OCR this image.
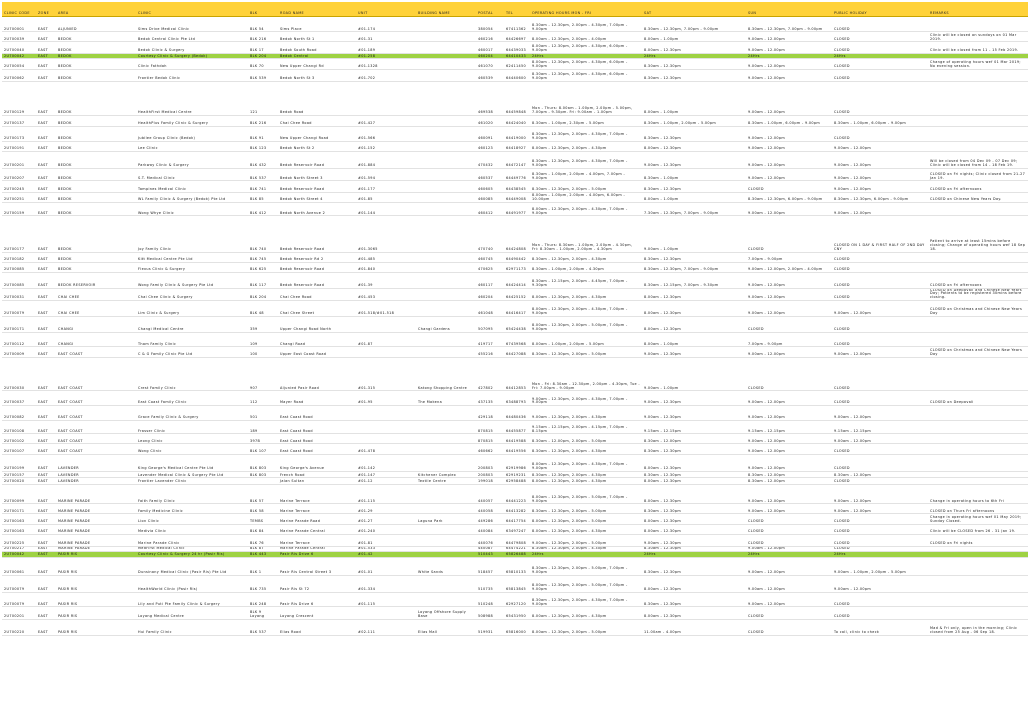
CLINIC CODE	ZONE	AREA	CLINIC	BLK	ROAD NAME	UNIT	BUILDING NAME	POSTAL	TEL	OPERATING HOURS MON - FRI	SAT	SUN	PUBLIC HOLIDAY	REMARKS
2U700001	EAST	ALJUNIED	Sims Drive Medical Clinic	BLK 54	Sims Place	#01-174		380054	67411362	8.30am - 12.30pm, 2.00pm - 4.30pm, 7.00pm - 9.00pm	8.30am - 12.30pm, 7.00pm - 9.00pm	8.30am - 12.30pm, 7.00pm - 9.00pm	CLOSED	
2U700039	EAST	BEDOK	Bedok Central Clinic Pte Ltd	BLK 216	Bedok North St 1	#01-31		460216	64426697	8.00am - 12.30pm, 2.00pm - 4.00pm	8.00am - 1.00pm	9.00am - 12.00pm	CLOSED	Clinic will be closed on sundays on 01 Mar 2019.
2U700040	EAST	BEDOK	Bedok Clinic & Surgery	BLK 17	Bedok South Road	#01-189		460017	64439033	8.00am - 12.30pm, 2.00pm - 4.30pm, 6.00pm - 9.00pm	8.00am - 12.30pm	9.00am - 12.00pm	CLOSED	Clinic will be closed from 11 - 15 Feb 2019.
2U700042	EAST	BEDOK	Courtesy Clinic & Surgery (Bedok)	BLK 204	Bedok Central	#01-258		460204	64410433	24Hrs	24Hrs	24Hrs	24Hrs	
2U700054	EAST	BEDOK	Clinic Fathdah	BLK 70	New Upper Changi Rd	#01-1328		461070	62411450	8.00am - 12.30pm, 2.00pm - 4.30pm, 6.00pm - 9.00pm	8.30am - 12.30pm	9.00am - 12.00pm	CLOSED	Change of operating hours wef 01 Mar 2019; No evening session.
2U700062	EAST	BEDOK	Frontier Bedok Clinic	BLK 539	Bedok North St 3	#01-702		460539	64440600	8.30am - 12.30pm, 2.00pm - 4.30pm, 6.00pm - 9.00pm	8.30am - 12.30pm	9.00am - 12.00pm	CLOSED	
2U700129	EAST	BEDOK	HealthFirst Medical Centre	121	Bedok Road			469538	64459848	Mon - Thurs: 8.00am - 1.00pm, 2.00pm - 5.00pm, 7.00pm - 9.30pm. Fri: 9.00am - 1.00pm	8.00am - 1.00pm	9.00am - 12.00pm	CLOSED	
2U700137	EAST	BEDOK	HealthPlus Family Clinic & Surgery	BLK 216	Chai Chee Road	#01-427		461020	64424040	8.30am - 1.00pm, 2.30pm - 5.00pm	8.30am - 1.00pm, 2.00pm - 5.00pm	8.30am - 1.00pm, 6.00pm - 9.00pm	8.30am - 1.00pm, 6.00pm - 9.00pm	
2U700173	EAST	BEDOK	Jubilee Group Clinic (Bedok)	BLK 91	New Upper Changi Road	#01-566		460091	64419000	8.30am - 12.30pm, 2.00pm - 4.30pm, 7.00pm - 9.00pm	8.30am - 12.30pm	9.00am - 12.00pm	CLOSED	
2U700191	EAST	BEDOK	Lee Clinic	BLK 123	Bedok North St 2	#01-152		460123	64418927	8.00am - 12.30pm, 2.00pm - 4.30pm	8.00am - 12.30pm	9.00am - 12.00pm	9.00am - 12.00pm	
2U700201	EAST	BEDOK	Parkway Clinic & Surgery	BLK 432	Bedok Reservoir Road	#01-884		470432	64472147	8.30am - 12.30pm, 2.00pm - 4.30pm, 7.00pm - 9.00pm	9.00am - 12.30pm	9.00am - 12.00pm	9.00am - 12.00pm	Will be closed from 04 Dec 09 - 07 Dec 09; Clinic will be closed from 14 - 18 Feb 19.
2U700207	EAST	BEDOK	S.T. Medical Clinic	BLK 537	Bedok North Street 3	#01-594		460537	64449776	8.30am - 1.00pm, 2.00pm - 4.00pm, 7.00pm - 9.00pm	8.30am - 1.00pm	9.00am - 12.00pm	9.00am - 12.00pm	CLOSED on Fri nights; Clinic closed from 21-27 Jan 19.
2U700245	EAST	BEDOK	Tampines Medical Clinic	BLK 741	Bedok Reservoir Road	#01-177		460605	64438545	8.30am - 12.30pm, 2.00pm - 5.00pm	8.30am - 12.30pm	CLOSED	9.00am - 12.00pm	CLOSED on Fri afternoons
2U700251	EAST	BEDOK	WL Family Clinic & Surgery (Bedok) Pte Ltd	BLK 85	Bedok North Street 4	#01-85		460085	64449008	8.00am - 1.00pm, 2.00pm - 4.00pm, 6.00pm - 10.00pm	8.00am - 1.00pm	8.30am - 12.30pm, 6.00pm - 9.00pm	8.30am - 12.30pm, 6.00pm - 9.00pm	CLOSED on Chinese New Years Day.
2U700159	EAST	BEDOK	Wong Whye Clinic	BLK 412	Bedok North Avenue 2	#01-144		460412	64491977	8.00am - 12.30pm, 2.00pm - 4.30pm, 7.00pm - 9.00pm	7.30am - 12.30pm, 7.00pm - 9.00pm	9.00am - 12.00pm	9.00am - 12.00pm	
2U700177	EAST	BEDOK	Joy Family Clinic	BLK 740	Bedok Reservoir Road	#01-3065		470740	64424808	Mon - Thurs: 8.30am - 1.00pm, 2.00pm - 4.30pm, Fri: 8.30am - 1.00pm, 2.00pm - 4.30pm	9.00am - 1.00pm	CLOSED	CLOSED ON 1 DAY & FIRST HALF OF 2ND DAY CNY	Patient to arrive at least 15mins before closing; Change of operating hours wef 18 Sep 18.
2U700182	EAST	BEDOK	Kitt Medical Centre Pte Ltd	BLK 745	Bedok Reservoir Rd 2	#01-485		460745	64490442	8.30am - 12.30pm, 2.00pm - 4.30pm	8.30am - 12.30pm	7.00pm - 9.00pm	CLOSED	
2U700085	EAST	BEDOK	Flexus Clinic & Surgery	BLK 625	Bedok Reservoir Road	#01-840		470625	62971173	8.30am - 1.00pm, 2.00pm - 4.30pm	8.30am - 12.30pm, 7.00pm - 9.00pm	9.00am - 12.00pm, 2.00pm - 4.00pm	CLOSED	
2U700085	EAST	BEDOK RESERVOIR	Wong Family Clinic & Surgery Pte Ltd	BLK 117	Bedok Reservoir Road	#01-39		460117	64424414	8.30am - 12.15pm, 2.00pm - 4.45pm, 7.00pm - 9.30pm	8.30am - 12.15pm, 7.00pm - 9.30pm	9.00am - 12.00pm	CLOSED	CLOSED on Fri afternoons
2U700031	EAST	CHAI CHEE	Chai Chee Clinic & Surgery	BLK 204	Chai Chee Road	#01-453		460204	64425152	8.00am - 12.30pm, 2.00pm - 4.30pm	8.00am - 12.30pm	9.00am - 12.00pm	CLOSED	CLOSED on Deepavali and Chinese New Years Day; Patients to be registered 30mins before closing.
2U700079	EAST	CHAI CHEE	Lim Clinic & Surgery	BLK 48	Chai Chee Street	#01-518/#01-518		461048	64416417	8.00am - 12.30pm, 2.00pm - 4.30pm, 7.00pm - 9.00pm	8.00am - 12.30pm	9.00am - 12.00pm	9.00am - 12.00pm	CLOSED on Christmas and Chinese New Years Day
2U700171	EAST	CHANGI	Changi Medical Centre	359	Upper Changi Road North		Changi Gardens	507095	65424438	8.00am - 12.30pm, 2.00pm - 5.00pm, 7.00pm - 9.00pm	8.00am - 12.30pm	CLOSED	CLOSED	
2U700112	EAST	CHANGI	Tham Family Clinic	109	Changi Road	#01-87		419717	67439568	8.00am - 1.00pm, 2.00pm - 5.00pm	8.00am - 1.00pm	7.00pm - 9.00pm	CLOSED	
2U700009	EAST	EAST COAST	C & G Family Clinic Pte Ltd	100	Upper East Coast Road			455216	64427088	8.30am - 12.30pm, 2.00pm - 5.00pm	9.00am - 12.30pm	9.00am - 12.00pm	9.00am - 12.00pm	CLOSED on Christmas and Chinese New Years Day
2U700030	EAST	EAST COAST	Crest Family Clinic	907	Aljunied Pasir Road	#01-315	Katong Shopping Centre	427802	64412853	Mon - Fri: 8.30am - 12.30pm, 2.00pm - 4.30pm, Tue - Fri: 7.00pm - 9.00pm	9.00am - 1.00pm	CLOSED	CLOSED	
2U700037	EAST	EAST COAST	East Coast Family Clinic	112	Mayer Road	#01-95	The Makena	437135	63488793	9.00am - 12.30pm, 2.00pm - 4.30pm, 7.00pm - 9.00pm	9.00am - 12.30pm	9.00am - 12.00pm	CLOSED	CLOSED on Deepavali
2U700082	EAST	EAST COAST	Grace Family Clinic & Surgery	501	East Coast Road			429118	64480436	9.00am - 12.30pm, 2.00pm - 4.30pm	9.00am - 12.30pm	9.00am - 12.00pm	9.00am - 12.00pm	
2U700108	EAST	EAST COAST	Frasser Clinic	189	East Coast Road			870815	64455877	9.15am - 12.15pm, 2.00pm - 4.15pm, 7.00pm - 8.15pm	9.15am - 12.15pm	9.15am - 12.15pm	9.15am - 12.15pm	
2U700102	EAST	EAST COAST	Leong Clinic	397B	East Coast Road			870815	64419588	8.30am - 12.00pm, 2.00pm - 5.00pm	8.30am - 12.00pm	9.00am - 12.00pm	9.00am - 12.00pm	
2U700107	EAST	EAST COAST	Wong Clinic	BLK 107	East Coast Road	#01-478		460662	64419556	8.30am - 12.30pm, 2.00pm - 4.30pm	8.30am - 12.30pm	9.00am - 12.00pm	CLOSED	
2U700199	EAST	LAVENDER	King George's Medical Centre Pte Ltd	BLK 803	King George's Avenue	#01-142		200803	62919986	8.00am - 12.30pm, 2.00pm - 4.30pm, 7.00pm - 9.00pm	8.00am - 12.30pm	9.00am - 12.00pm	CLOSED	
2U700157	EAST	LAVENDER	Lavender Medical Clinic & Surgery Pte Ltd	BLK 803	French Road	#01-147	Kitchener Complex	200803	62919231	8.30am - 12.30pm, 2.00pm - 4.30pm	8.30am - 12.30pm	8.30am - 12.00pm	8.30am - 12.00pm	
2U700020	EAST	LAVENDER	Frontier Lavender Clinic		Jalan Sultan	#01-12	Textile Centre	199018	62958488	8.00am - 12.30pm, 2.00pm - 4.30pm	8.00am - 12.30pm	8.30am - 12.00pm	CLOSED	
2U700099	EAST	MARINE PARADE	Faith Family Clinic	BLK 57	Marine Terrace	#01-115		440057	64441223	8.00am - 12.30pm, 2.00pm - 5.00pm, 7.00pm - 9.00pm	8.00am - 12.30pm	9.00am - 12.00pm	9.00am - 12.00pm	Change in operating hours to 6th Fri
2U700171	EAST	MARINE PARADE	Family Medicine Clinic	BLK 58	Marine Terrace	#01-29		440058	64413282	8.30am - 12.30pm, 2.00pm - 5.00pm	8.30am - 12.30pm	9.00am - 12.00pm	9.00am - 12.00pm	CLOSED on Thurs Fri afternoons
2U700163	EAST	MARINE PARADE	Lion Clinic	TEMBS	Marine Parade Road	#01-27	Laguna Park	449286	64417754	8.00am - 12.30pm, 2.00pm - 5.00pm	8.00am - 12.30pm	CLOSED	CLOSED	Change in operating hours wef 01 May 2019; Sunday Closed.
2U700163	EAST	MARINE PARADE	Medivia Clinic	BLK 84	Marine Parade Central	#01-240		440084	63497247	8.00am - 12.30pm, 2.00pm - 4.30pm	8.00am - 12.30pm	CLOSED	CLOSED	Clinic will be CLOSED from 26 - 31 Jan 19.
2U700225	EAST	MARINE PARADE	Marine Parade Clinic	BLK 76	Marine Terrace	#01-81		440076	64479808	9.00am - 12.30pm, 2.00pm - 5.00pm	9.00am - 12.30pm	CLOSED	CLOSED	CLOSED on Fri nights
2U700217	EAST	MARINE PARADE	MedFirst Medical Clinic	BLK 87	Marine Parade Central	#01-533		440087	64474221	8.30am - 12.30pm, 2.00pm - 4.30pm	8.30am - 12.30pm	9.00am - 12.00pm	CLOSED	
2U700042	EAST	PASIR RIS	Courtesy Clinic & Surgery 24 hr (Pasir Ris)	BLK 443	Pasir Ris Drive 6	#01-42		510443	65826488	24Hrs	24Hrs	24Hrs	24Hrs	
2U700061	EAST	PASIR RIS	Dunsinany Medical Clinic (Pasir Ris) Pte Ltd	BLK 1	Pasir Ris Central Street 3	#01-01	White Sands	518457	65810133	8.30am - 12.30pm, 2.00pm - 5.00pm, 7.00pm - 9.00pm	8.30am - 12.30pm	9.00am - 12.00pm	9.00am - 1.00pm, 2.00pm - 5.00pm	
2U700079	EAST	PASIR RIS	HealthWorld Clinic (Pasir Ris)	BLK 735	Pasir Ris St 72	#01-334		510735	65813845	8.00am - 12.30pm, 2.00pm - 5.00pm, 7.00pm - 9.00pm	8.00am - 12.30pm	9.00am - 12.00pm	9.00am - 12.00pm	
2U700079	EAST	PASIR RIS	Lily and Puti Pte Family Clinic & Surgery	BLK 248	Pasir Ris Drive 6	#01-115		510248	62927120	8.30am - 12.30pm, 2.00pm - 4.30pm, 7.00pm - 9.00pm	8.30am - 12.30pm	9.00am - 12.00pm	CLOSED	
2U700201	EAST	PASIR RIS	Loyang Medical Centre	BLK 9 Loyang	Loyang Crescent		Loyang Offshore Supply Base	508988	65431950	8.00am - 12.30pm, 2.00pm - 4.30pm	8.00am - 12.30pm	CLOSED	CLOSED	
2U700220	EAST	PASIR RIS	Hui Family Clinic	BLK 537	Elias Road	#02-111	Elias Mall	519931	65816000	8.00am - 12.30pm, 2.00pm - 5.00pm	11.00am - 4.00pm	CLOSED	To call, clinic to check	Mad & Fri only, open in the morning; Clinic closed from 25 Aug - 06 Sep 18.
